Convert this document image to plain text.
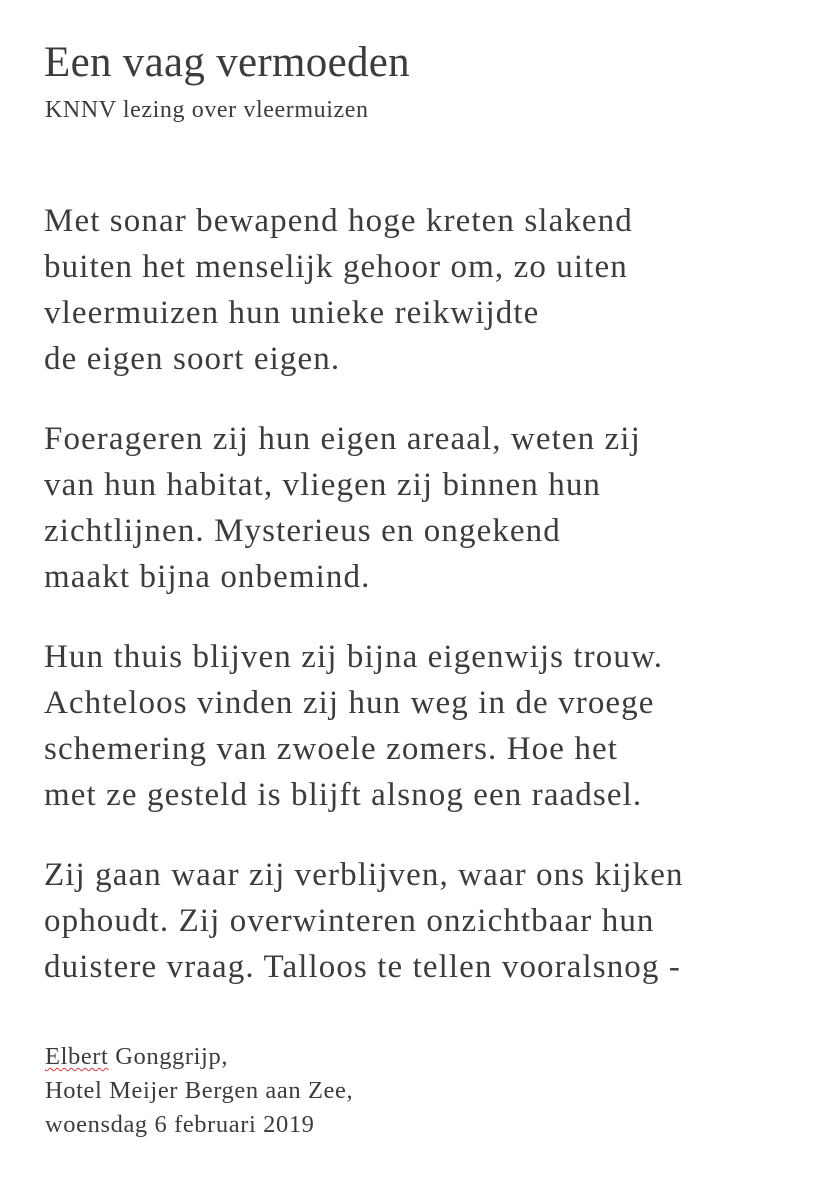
Een vaag vermoeden
KNNV lezing over vleermuizen
Met sonar bewapend hoge kreten slakend
buiten het menselijk gehoor om, zo uiten
vleermuizen hun unieke reikwijdte
de eigen soort eigen.
Foerageren zij hun eigen areaal, weten zij
van hun habitat, vliegen zij binnen hun
zichtlijnen. Mysterieus en ongekend
maakt bijna onbemind.
Hun thuis blijven zij bijna eigenwijs trouw.
Achteloos vinden zij hun weg in de vroege
schemering van zwoele zomers. Hoe het
met ze gesteld is blijft alsnog een raadsel.
Zij gaan waar zij verblijven, waar ons kijken
ophoudt. Zij overwinteren onzichtbaar hun
duistere vraag. Talloos te tellen vooralsnog -
Elbert Gonggrijp,
Hotel Meijer Bergen aan Zee,
woensdag 6 februari 2019
